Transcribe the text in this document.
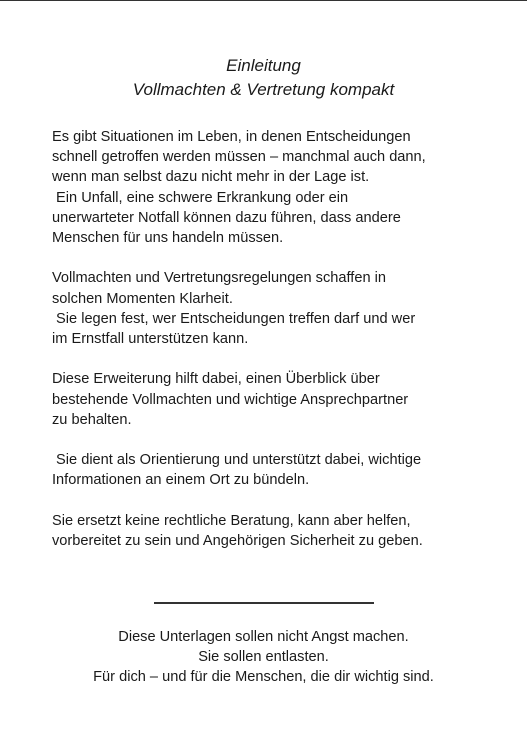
Einleitung
Vollmachten & Vertretung kompakt
Es gibt Situationen im Leben, in denen Entscheidungen
schnell getroffen werden müssen – manchmal auch dann,
wenn man selbst dazu nicht mehr in der Lage ist.
Ein Unfall, eine schwere Erkrankung oder ein
unerwarteter Notfall können dazu führen, dass andere
Menschen für uns handeln müssen.
Vollmachten und Vertretungsregelungen schaffen in
solchen Momenten Klarheit.
Sie legen fest, wer Entscheidungen treffen darf und wer
im Ernstfall unterstützen kann.
Diese Erweiterung hilft dabei, einen Überblick über
bestehende Vollmachten und wichtige Ansprechpartner
zu behalten.
Sie dient als Orientierung und unterstützt dabei, wichtige
Informationen an einem Ort zu bündeln.
Sie ersetzt keine rechtliche Beratung, kann aber helfen,
vorbereitet zu sein und Angehörigen Sicherheit zu geben.
Diese Unterlagen sollen nicht Angst machen.
Sie sollen entlasten.
Für dich – und für die Menschen, die dir wichtig sind.
